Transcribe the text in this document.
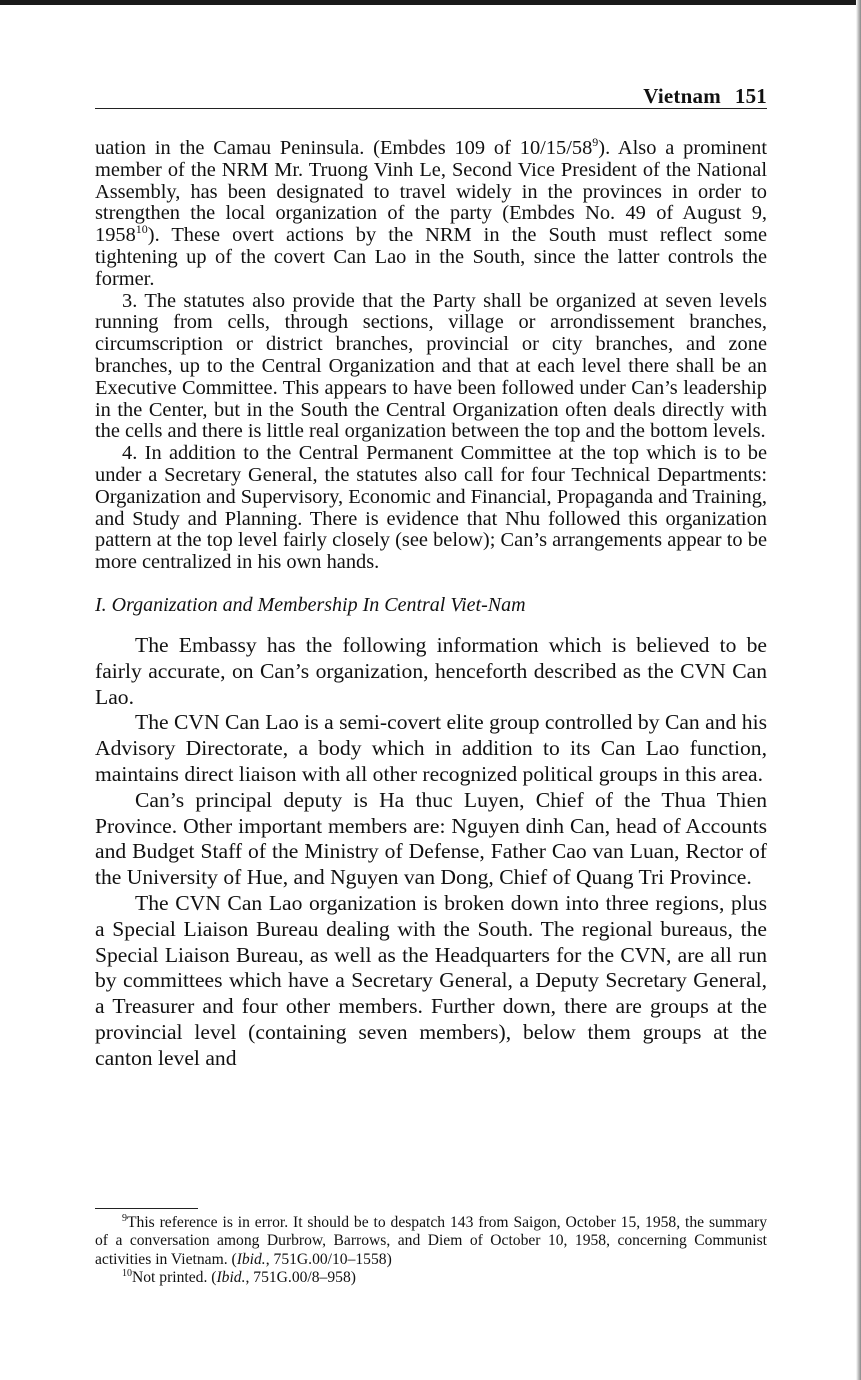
Vietnam 151

uation in the Camau Peninsula. (Embdes 109 of $10/15/58^9$). Also a prominent member of the NRM Mr. Truong Vinh Le, Second Vice President of the National Assembly, has been designated to travel widely in the provinces in order to strengthen the local organization of the party (Embdes No. 49 of August 9, 1958$^{10}$). These overt actions by the NRM in the South must reflect some tightening up of the covert Can Lao in the South, since the latter controls the former.

3. The statutes also provide that the Party shall be organized at seven levels running from cells, through sections, village or arrondissement branches, circumscription or district branches, provincial or city branches, and zone branches, up to the Central Organization and that at each level there shall be an Executive Committee. This appears to have been followed under Can’s leadership in the Center, but in the South the Central Organization often deals directly with the cells and there is little real organization between the top and the bottom levels.

4. In addition to the Central Permanent Committee at the top which is to be under a Secretary General, the statutes also call for four Technical Departments: Organization and Supervisory, Economic and Financial, Propaganda and Training, and Study and Planning. There is evidence that Nhu followed this organization pattern at the top level fairly closely (see below); Can’s arrangements appear to be more centralized in his own hands.

I. Organization and Membership In Central Viet-Nam

The Embassy has the following information which is believed to be fairly accurate, on Can’s organization, henceforth described as the CVN Can Lao.

The CVN Can Lao is a semi-covert elite group controlled by Can and his Advisory Directorate, a body which in addition to its Can Lao function, maintains direct liaison with all other recognized political groups in this area.

Can’s principal deputy is Ha thuc Luyen, Chief of the Thua Thien Province. Other important members are: Nguyen dinh Can, head of Accounts and Budget Staff of the Ministry of Defense, Father Cao van Luan, Rector of the University of Hue, and Nguyen van Dong, Chief of Quang Tri Province.

The CVN Can Lao organization is broken down into three regions, plus a Special Liaison Bureau dealing with the South. The regional bureaus, the Special Liaison Bureau, as well as the Headquarters for the CVN, are all run by committees which have a Secretary General, a Deputy Secretary General, a Treasurer and four other members. Further down, there are groups at the provincial level (containing seven members), below them groups at the canton level and

$^9$This reference is in error. It should be to despatch 143 from Saigon, October 15, 1958, the summary of a conversation among Durbrow, Barrows, and Diem of October 10, 1958, concerning Communist activities in Vietnam. (Ibid., 751G.00/10–1558)

$^{10}$Not printed. (Ibid., 751G.00/8–958)
